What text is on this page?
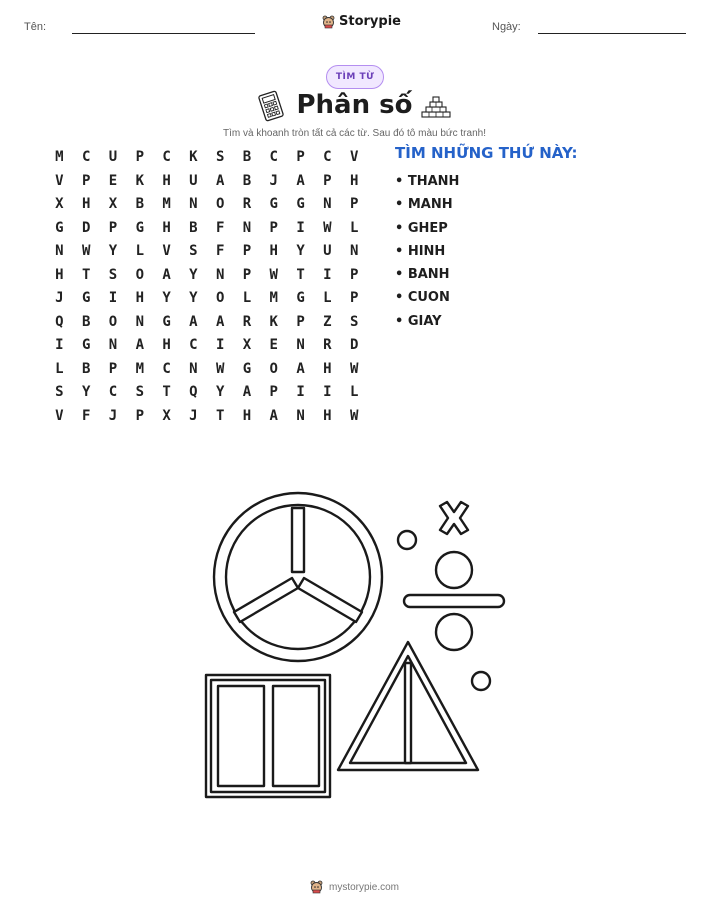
Tên:	Storypie	Ngày:
TÌM TỪ
Phân số
Tìm và khoanh tròn tất cả các từ. Sau đó tô màu bức tranh!
M	C	U	P	C	K	S	B	C	P	C	V
V	P	E	K	H	U	A	B	J	A	P	H
X	H	X	B	M	N	O	R	G	G	N	P
G	D	P	G	H	B	F	N	P	I	W	L
N	W	Y	L	V	S	F	P	H	Y	U	N
H	T	S	O	A	Y	N	P	W	T	I	P
J	G	I	H	Y	Y	O	L	M	G	L	P
Q	B	O	N	G	A	A	R	K	P	Z	S
I	G	N	A	H	C	I	X	E	N	R	D
L	B	P	M	C	N	W	G	O	A	H	W
S	Y	C	S	T	Q	Y	A	P	I	I	L
V	F	J	P	X	J	T	H	A	N	H	W
TÌM NHỮNG THỨ NÀY:
• THANH
• MANH
• GHEP
• HINH
• BANH
• CUON
• GIAY
mystorypie.com
